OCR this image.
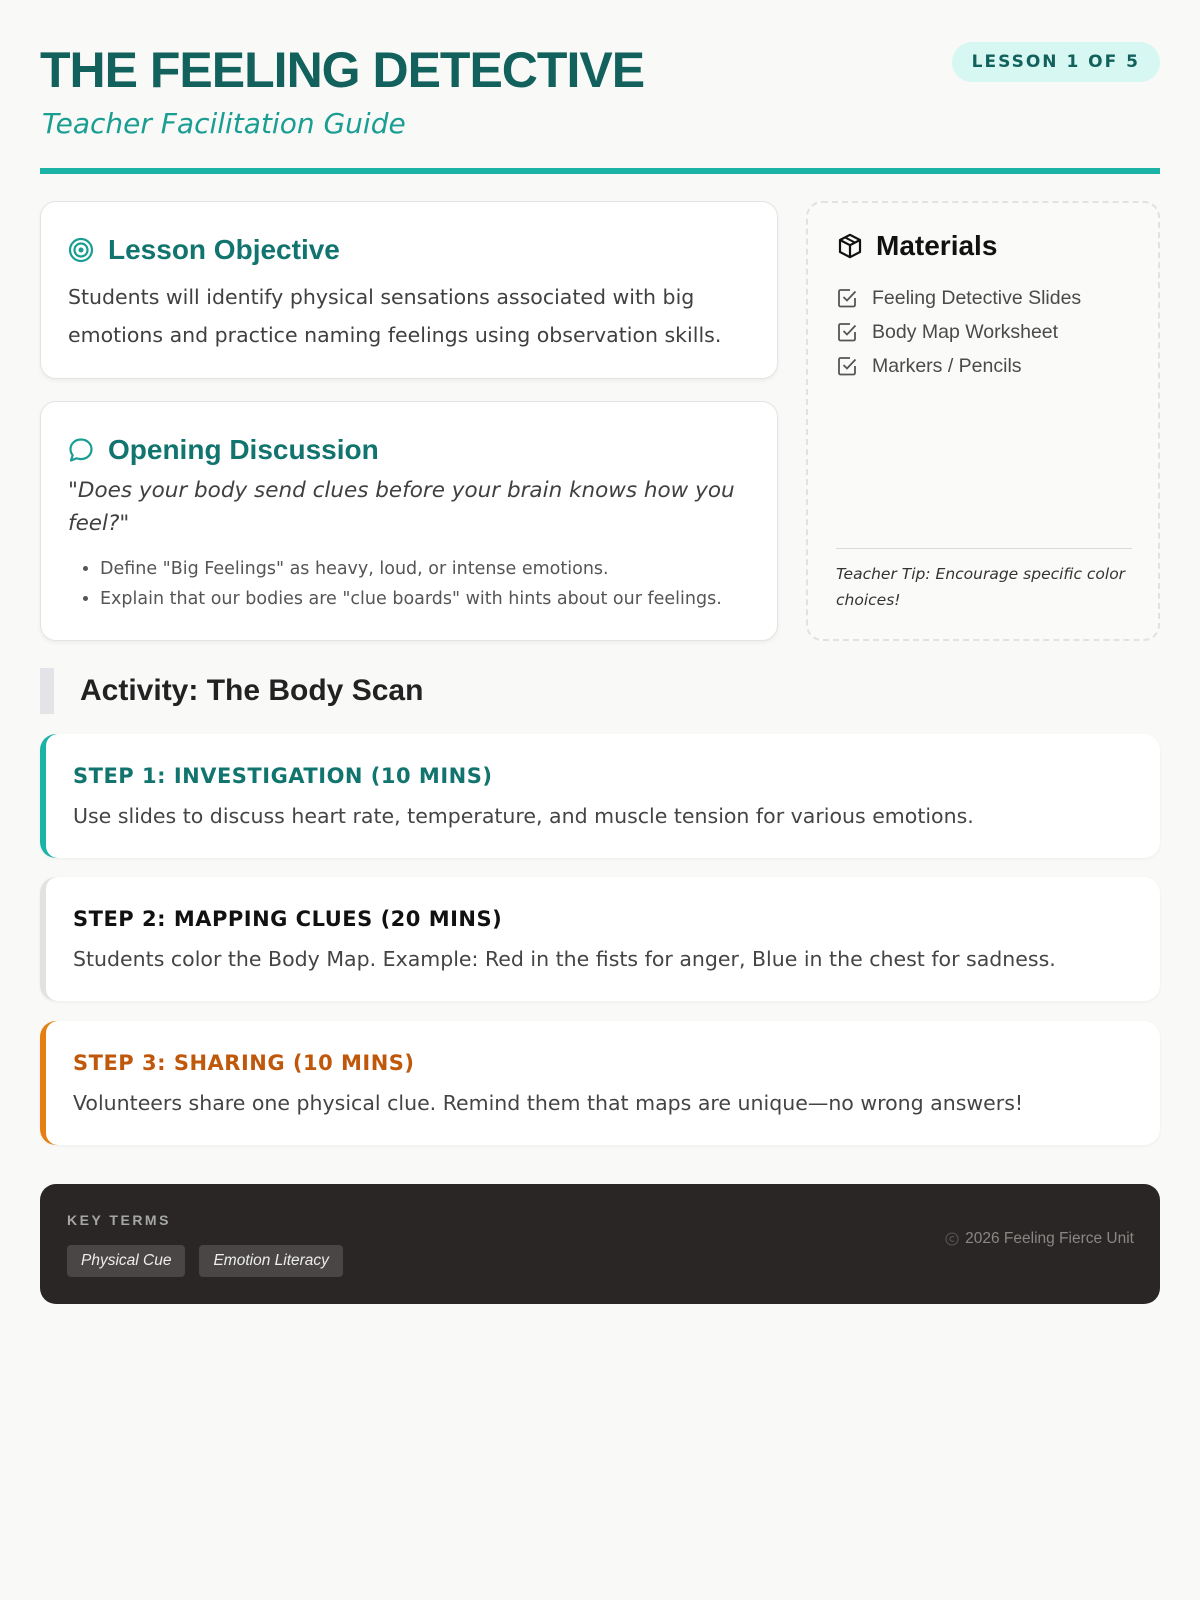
THE FEELING DETECTIVE
Teacher Facilitation Guide
LESSON 1 OF 5
Lesson Objective

Students will identify physical sensations associated with big emotions and practice naming feelings using observation skills.

Opening Discussion

"Does your body send clues before your brain knows how you feel?"

• Define "Big Feelings" as heavy, loud, or intense emotions.
• Explain that our bodies are "clue boards" with hints about our feelings.
Materials
Feeling Detective Slides
Body Map Worksheet
Markers / Pencils

Teacher Tip: Encourage specific color choices!

Activity: The Body Scan
STEP 1: INVESTIGATION (10 MINS)

Use slides to discuss heart rate, temperature, and muscle tension for various emotions.

STEP 2: MAPPING CLUES (20 MINS)

Students color the Body Map. Example: Red in the fists for anger, Blue in the chest for sadness.

STEP 3: SHARING (10 MINS)

Volunteers share one physical clue. Remind them that maps are unique—no wrong answers!

KEY TERMS
Physical Cue	Emotion Literacy
2026 Feeling Fierce Unit
